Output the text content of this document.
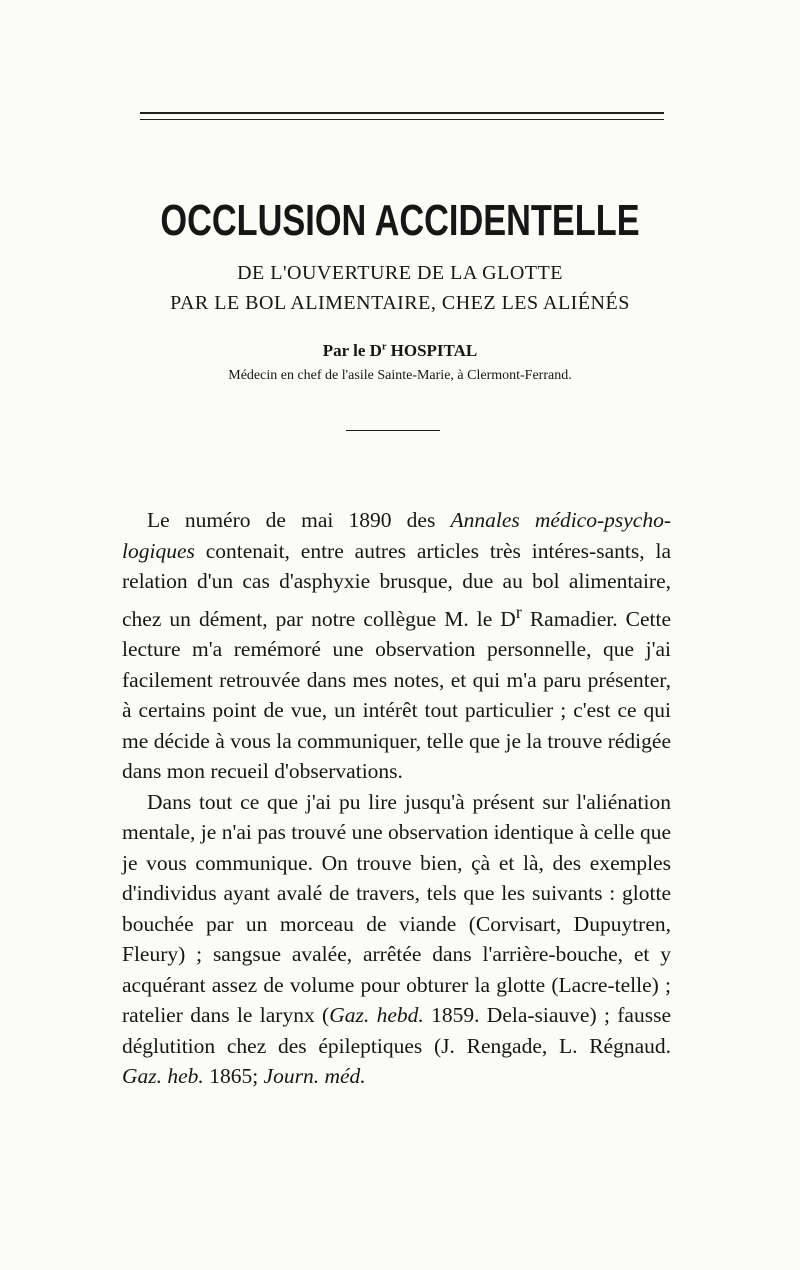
OCCLUSION ACCIDENTELLE
DE L'OUVERTURE DE LA GLOTTE
PAR LE BOL ALIMENTAIRE, CHEZ LES ALIÉNÉS
Par le $D^r$ HOSPITAL
Médecin en chef de l'asile Sainte-Marie, à Clermont-Ferrand.

Le numéro de mai 1890 des Annales médico-psycho-logiques contenait, entre autres articles très intéres-sants, la relation d'un cas d'asphyxie brusque, due au bol alimentaire, chez un dément, par notre collègue M. le $D^r$ Ramadier. Cette lecture m'a remémoré une observation personnelle, que j'ai facilement retrouvée dans mes notes, et qui m'a paru présenter, à certains point de vue, un intérêt tout particulier ; c'est ce qui me décide à vous la communiquer, telle que je la trouve rédigée dans mon recueil d'observations.

Dans tout ce que j'ai pu lire jusqu'à présent sur l'aliénation mentale, je n'ai pas trouvé une observation identique à celle que je vous communique. On trouve bien, çà et là, des exemples d'individus ayant avalé de travers, tels que les suivants : glotte bouchée par un morceau de viande (Corvisart, Dupuytren, Fleury) ; sangsue avalée, arrêtée dans l'arrière-bouche, et y acquérant assez de volume pour obturer la glotte (Lacre-telle) ; ratelier dans le larynx (Gaz. hebd. 1859. Dela-siauve) ; fausse déglutition chez des épileptiques (J. Rengade, L. Régnaud. Gaz. heb. 1865; Journ. méd.
